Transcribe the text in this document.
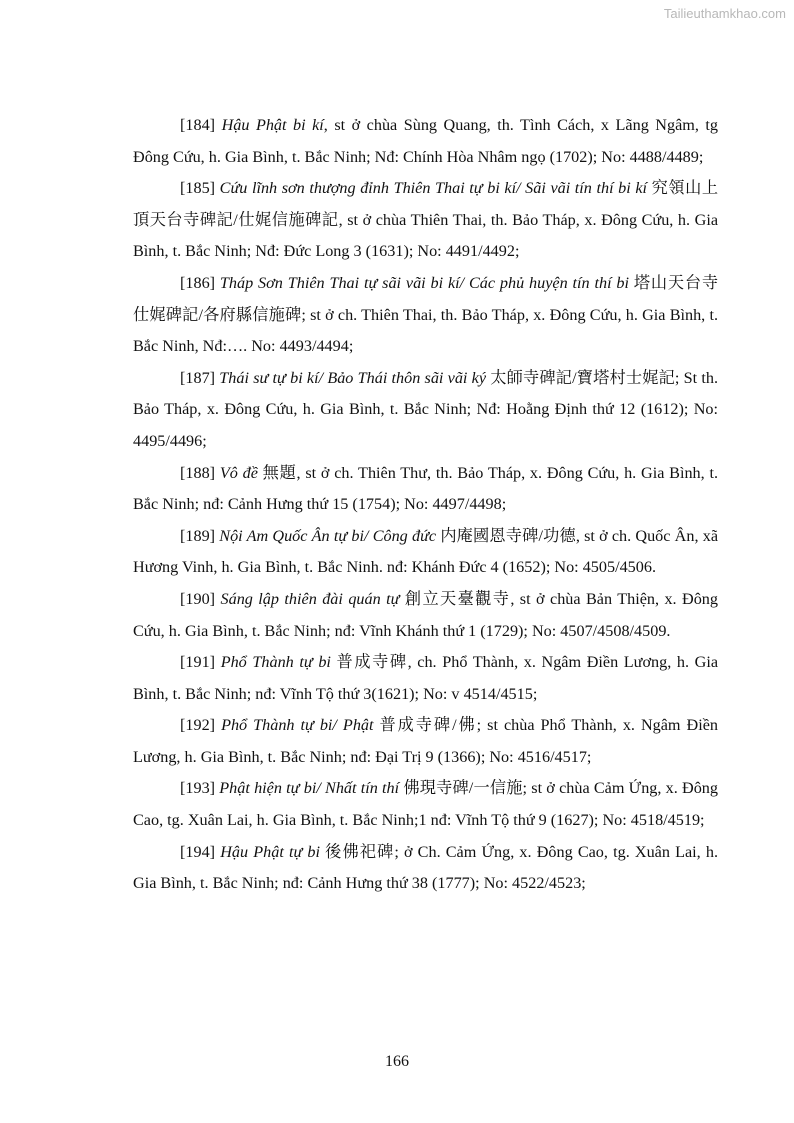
Tailieuthamkhao.com

[184] Hậu Phật bi kí, st ở chùa Sùng Quang, th. Tình Cách, x Lãng Ngâm, tg Đông Cứu, h. Gia Bình, t. Bắc Ninh; Nđ: Chính Hòa Nhâm ngọ (1702); No: 4488/4489;

[185] Cứu lĩnh sơn thượng đỉnh Thiên Thai tự bi kí/ Sãi vãi tín thí bi kí 究領山上頂天台寺碑記/仕娓信施碑記, st ở chùa Thiên Thai, th. Bảo Tháp, x. Đông Cứu, h. Gia Bình, t. Bắc Ninh; Nđ: Đức Long 3 (1631); No: 4491/4492;

[186] Tháp Sơn Thiên Thai tự sãi vãi bi kí/ Các phủ huyện tín thí bi 塔山天台寺仕娓碑記/各府縣信施碑; st ở ch. Thiên Thai, th. Bảo Tháp, x. Đông Cứu, h. Gia Bình, t. Bắc Ninh, Nđ:…. No: 4493/4494;

[187] Thái sư tự bi kí/ Bảo Thái thôn sãi vãi ký 太師寺碑記/寶塔村士娓記; St th. Bảo Tháp, x. Đông Cứu, h. Gia Bình, t. Bắc Ninh; Nđ: Hoằng Định thứ 12 (1612); No: 4495/4496;

[188] Vô đề 無題, st ở ch. Thiên Thư, th. Bảo Tháp, x. Đông Cứu, h. Gia Bình, t. Bắc Ninh; nđ: Cảnh Hưng thứ 15 (1754); No: 4497/4498;

[189] Nội Am Quốc Ân tự bi/ Công đức 内庵國恩寺碑/功德, st ở ch. Quốc Ân, xã Hương Vinh, h. Gia Bình, t. Bắc Ninh. nđ: Khánh Đức 4 (1652); No: 4505/4506.

[190] Sáng lập thiên đài quán tự 創立天臺觀寺, st ở chùa Bản Thiện, x. Đông Cứu, h. Gia Bình, t. Bắc Ninh; nđ: Vĩnh Khánh thứ 1 (1729); No: 4507/4508/4509.

[191] Phổ Thành tự bi 普成寺碑, ch. Phổ Thành, x. Ngâm Điền Lương, h. Gia Bình, t. Bắc Ninh; nđ: Vĩnh Tộ thứ 3(1621); No: v 4514/4515;

[192] Phổ Thành tự bi/ Phật 普成寺碑/佛; st chùa Phổ Thành, x. Ngâm Điền Lương, h. Gia Bình, t. Bắc Ninh; nđ: Đại Trị 9 (1366); No: 4516/4517;

[193] Phật hiện tự bi/ Nhất tín thí 佛現寺碑/一信施; st ở chùa Cảm Ứng, x. Đông Cao, tg. Xuân Lai, h. Gia Bình, t. Bắc Ninh;1 nđ: Vĩnh Tộ thứ 9 (1627); No: 4518/4519;

[194] Hậu Phật tự bi 後佛祀碑; ở Ch. Cảm Ứng, x. Đông Cao, tg. Xuân Lai, h. Gia Bình, t. Bắc Ninh; nđ: Cảnh Hưng thứ 38 (1777); No: 4522/4523;

166
